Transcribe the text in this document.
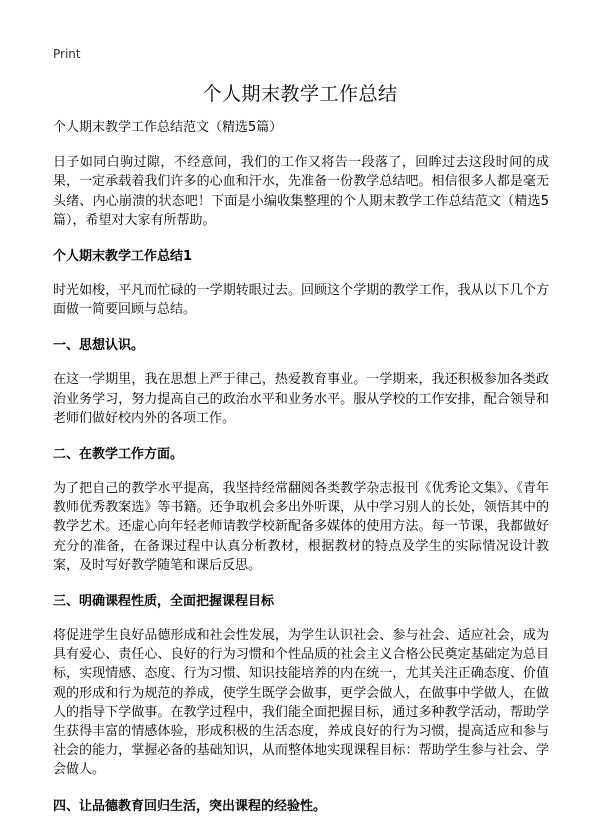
Print

个人期末教学工作总结

个人期末教学工作总结范文（精选5篇）

日子如同白驹过隙，不经意间，我们的工作又将告一段落了，回眸过去这段时间的成果，一定承载着我们许多的心血和汗水，先准备一份教学总结吧。相信很多人都是毫无头绪、内心崩溃的状态吧！下面是小编收集整理的个人期末教学工作总结范文（精选5篇），希望对大家有所帮助。

个人期末教学工作总结1

时光如梭，平凡而忙碌的一学期转眼过去。回顾这个学期的教学工作，我从以下几个方面做一简要回顾与总结。

一、思想认识。

在这一学期里，我在思想上严于律己，热爱教育事业。一学期来，我还积极参加各类政治业务学习，努力提高自己的政治水平和业务水平。服从学校的工作安排，配合领导和老师们做好校内外的各项工作。

二、在教学工作方面。

为了把自己的教学水平提高，我坚持经常翻阅各类教学杂志报刊《优秀论文集》、《青年教师优秀教案选》等书籍。还争取机会多出外听课，从中学习别人的长处，领悟其中的教学艺术。还虚心向年轻老师请教学校新配备多媒体的使用方法。每一节课，我都做好充分的准备，在备课过程中认真分析教材，根据教材的特点及学生的实际情况设计教案，及时写好教学随笔和课后反思。

三、明确课程性质，全面把握课程目标

将促进学生良好品德形成和社会性发展，为学生认识社会、参与社会、适应社会，成为具有爱心、责任心、良好的行为习惯和个性品质的社会主义合格公民奠定基础定为总目标，实现情感、态度、行为习惯、知识技能培养的内在统一，尤其关注正确态度、价值观的形成和行为规范的养成，使学生既学会做事，更学会做人，在做事中学做人，在做人的指导下学做事。在教学过程中，我们能全面把握目标，通过多种教学活动，帮助学生获得丰富的情感体验，形成积极的生活态度，养成良好的行为习惯，提高适应和参与社会的能力，掌握必备的基础知识，从而整体地实现课程目标：帮助学生参与社会、学会做人。

四、让品德教育回归生活，突出课程的经验性。
